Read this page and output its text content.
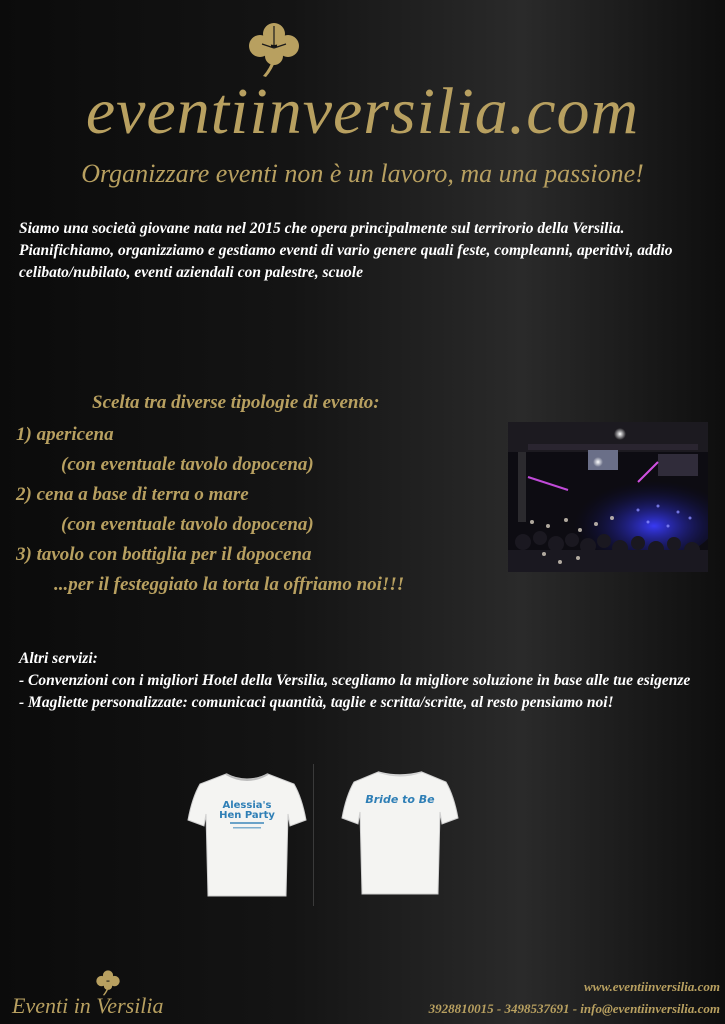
eventiinversilia.com
Organizzare eventi non è un lavoro, ma una passione!

Siamo una società giovane nata nel 2015 che opera principalmente sul terrirorio della Versilia.

Pianifichiamo, organizziamo e gestiamo eventi di vario genere quali feste, compleanni, aperitivi, addio celibato/nubilato, eventi aziendali con palestre, scuole

Scelta tra diverse tipologie di evento:
1) apericena
(con eventuale tavolo dopocena)
2) cena a base di terra o mare
(con eventuale tavolo dopocena)
3) tavolo con bottiglia per il dopocena
...per il festeggiato la torta la offriamo noi!!!
Altri servizi:
- Convenzioni con i migliori Hotel della Versilia, scegliamo la migliore soluzione in base alle tue esigenze
- Magliette personalizzate: comunicaci quantità, taglie e scritta/scritte, al resto pensiamo noi!
Alessia's
Hen Party
Bride to Be
Eventi in Versilia
www.eventiinversilia.com
3928810015 - 3498537691 - info@eventiinversilia.com
